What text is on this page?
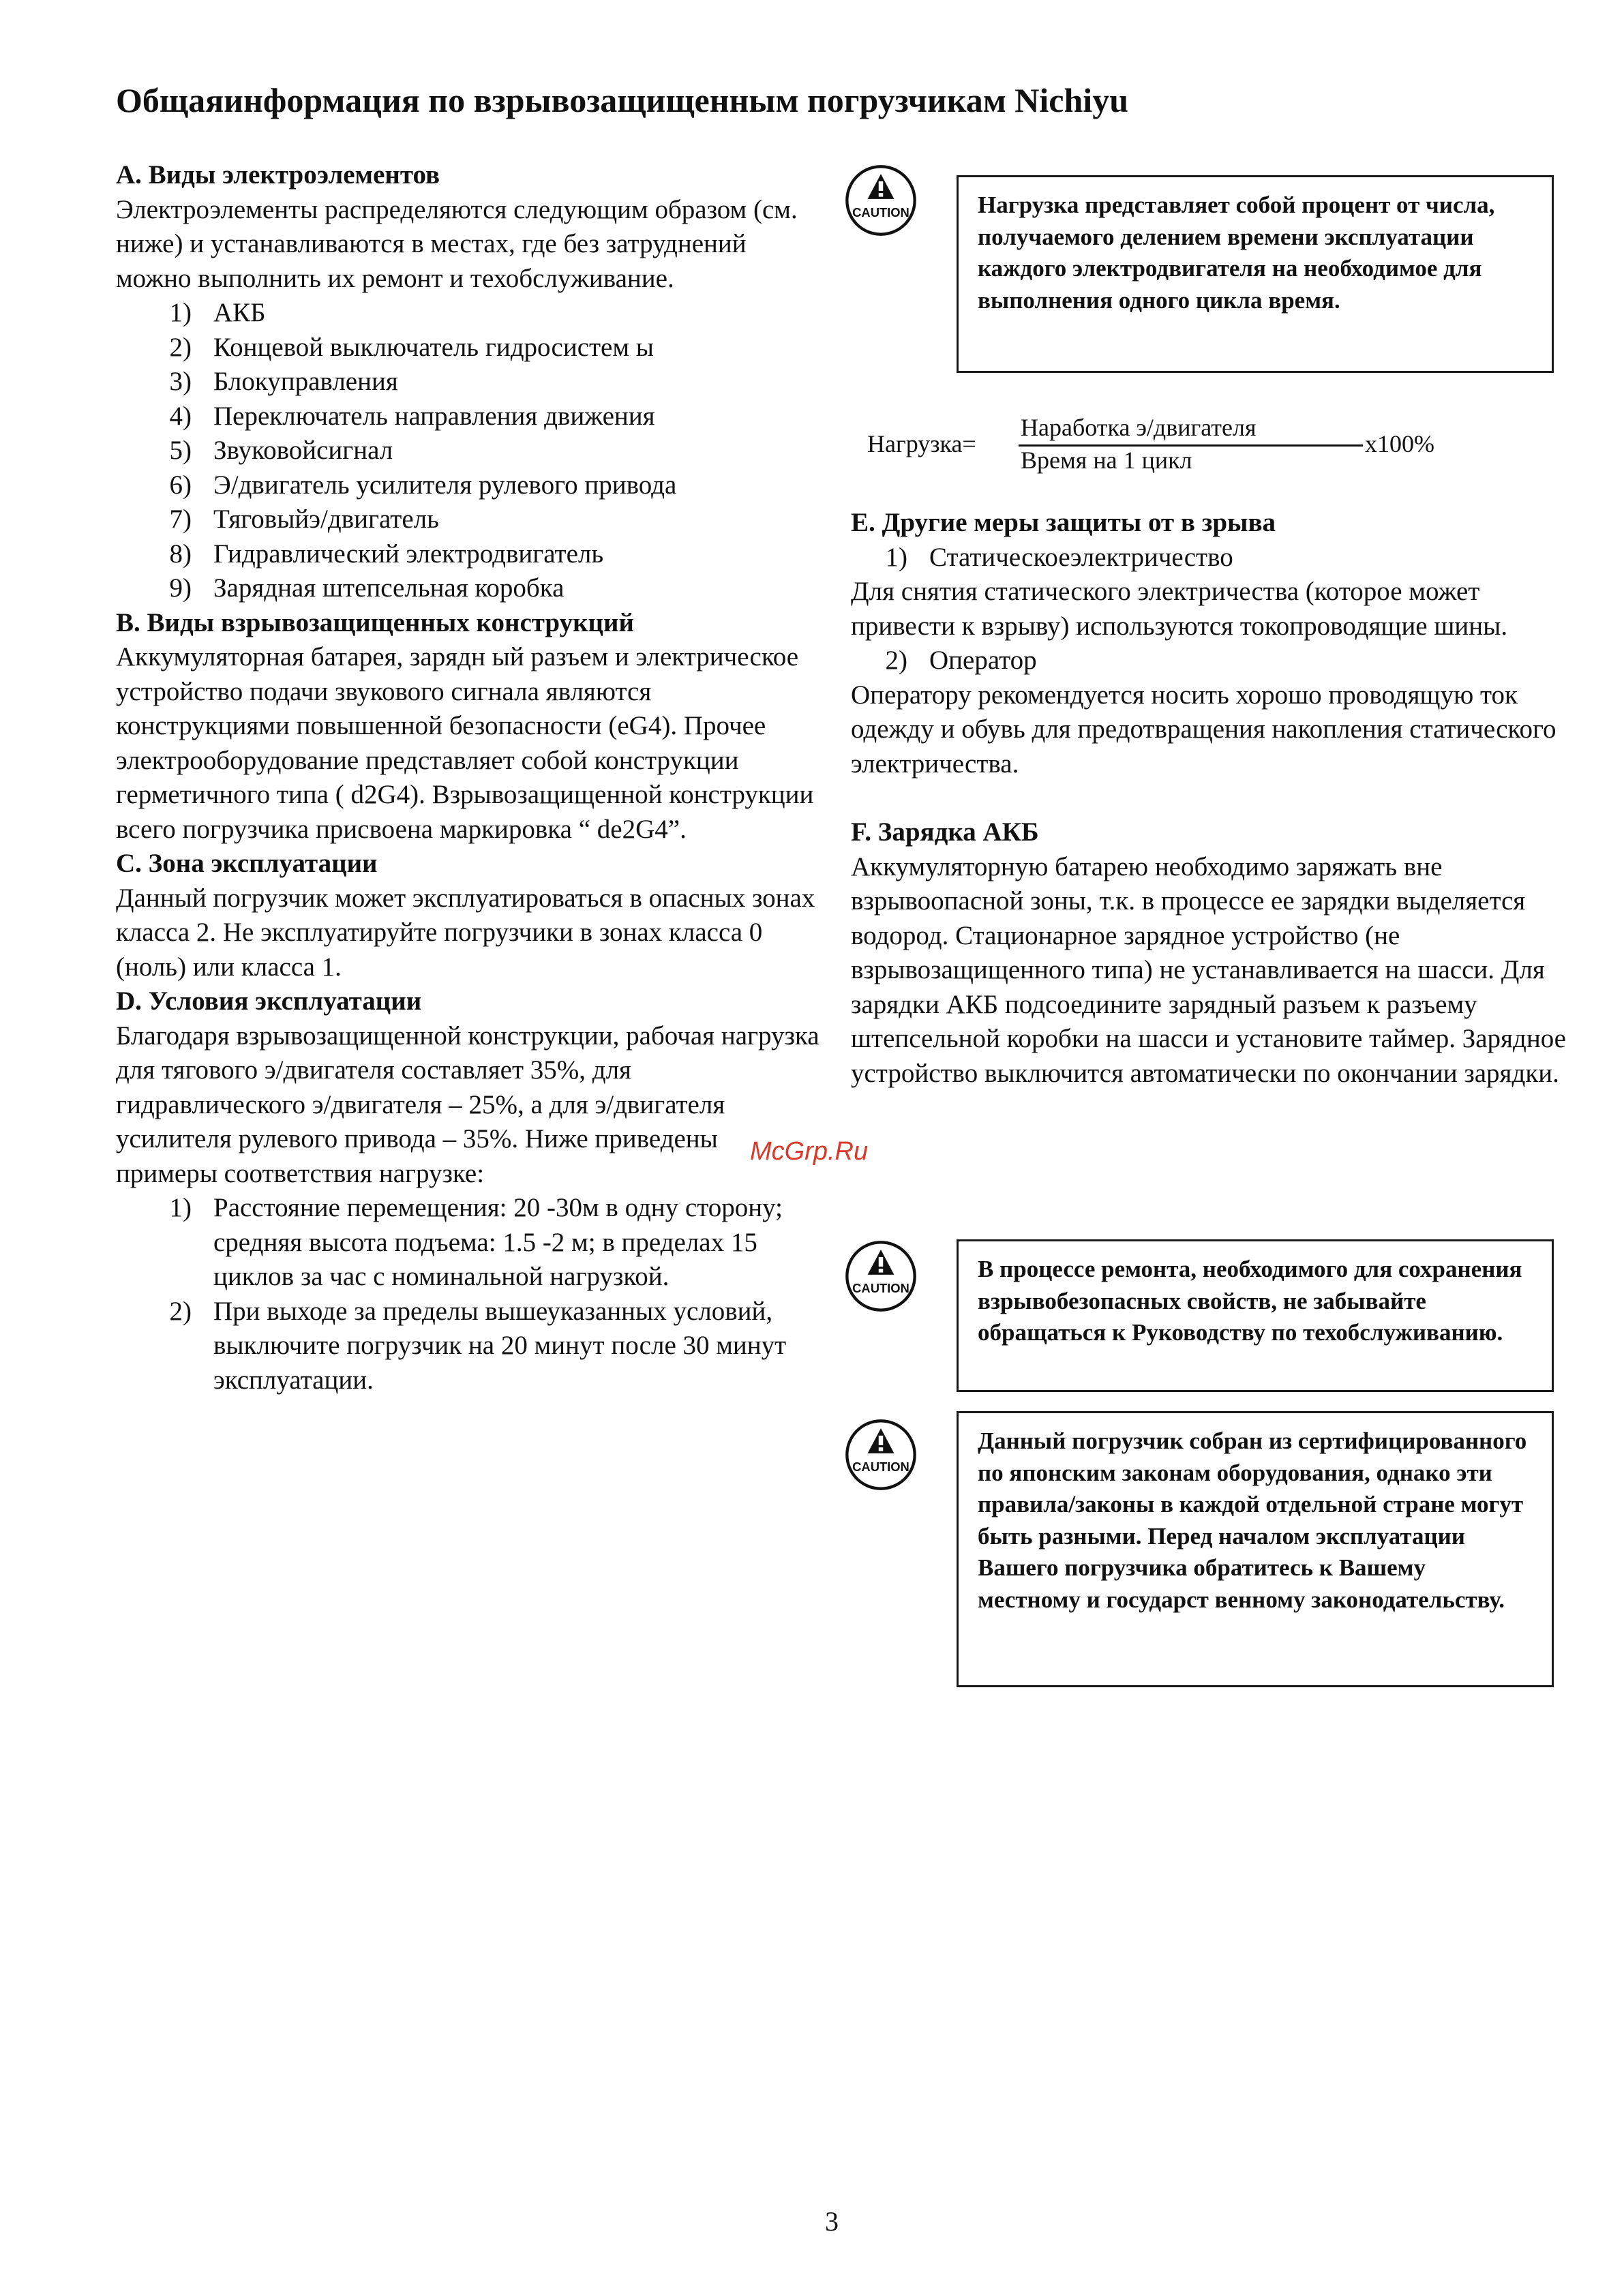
Общаяинформация по взрывозащищенным погрузчикам Nichiyu
А. Виды электроэлементов
Электроэлементы распределяются следующим образом (см. ниже) и устанавливаются в местах, где без затруднений можно выполнить их ремонт и техобслуживание.
1) АКБ
2) Концевой выключатель гидросистем ы
3) Блокуправления
4) Переключатель направления движения
5) Звуковойсигнал
6) Э/двигатель усилителя рулевого привода
7) Тяговыйэ/двигатель
8) Гидравлический электродвигатель
9) Зарядная штепсельная коробка
B. Виды взрывозащищенных конструкций
Аккумуляторная батарея, зарядн ый разъем и электрическое устройство подачи звукового сигнала являются конструкциями повышенной безопасности (eG4). Прочее электрооборудование представляет собой конструкции герметичного типа ( d2G4). Взрывозащищенной конструкции всего погрузчика присвоена маркировка “ de2G4”.
С. Зона эксплуатации
Данный погрузчик может эксплуатироваться в опасных зонах класса 2. Не эксплуатируйте погрузчики в зонах класса 0 (ноль) или класса 1.
D. Условия эксплуатации
Благодаря взрывозащищенной конструкции, рабочая нагрузка для тягового э/двигателя составляет 35%, для гидравлического э/двигателя – 25%, а для э/двигателя усилителя рулевого привода – 35%. Ниже приведены примеры соответствия нагрузке:
1) Расстояние перемещения: 20 -30м в одну сторону; средняя высота подъема: 1.5 -2 м; в пределах 15 циклов за час с номинальной нагрузкой.
2) При выходе за пределы вышеуказанных условий, выключите погрузчик на 20 минут после 30 минут эксплуатации.
CAUTION	Нагрузка представляет собой процент от числа, получаемого делением времени эксплуатации каждого электродвигателя на необходимое для выполнения одного цикла время.
Нагрузка=
Наработка э/двигателя
Время на 1 цикл
x100%
E. Другие меры защиты от в зрыва
1) Статическоеэлектричество
Для снятия статического электричества (которое может привести к взрыву) используются токопроводящие шины.
2) Оператор
Оператору рекомендуется носить хорошо проводящую ток одежду и обувь для предотвращения накопления статического электричества.
F. Зарядка АКБ
Аккумуляторную батарею необходимо заряжать вне взрывоопасной зоны, т.к. в процессе ее зарядки выделяется водород. Стационарное зарядное устройство (не взрывозащищенного типа) не устанавливается на шасси. Для зарядки АКБ подсоедините зарядный разъем к разъему штепсельной коробки на шасси и установите таймер. Зарядное устройство выключится автоматически по окончании зарядки.
CAUTION
В процессе ремонта, необходимого для сохранения взрывобезопасных свойств, не забывайте обращаться к Руководству по техобслуживанию.
CAUTION
Данный погрузчик собран из сертифицированного по японским законам оборудования, однако эти правила/законы в каждой отдельной стране могут быть разными. Перед началом эксплуатации Вашего погрузчика обратитесь к Вашему местному и государст венному законодательству.
McGrp.Ru
3
